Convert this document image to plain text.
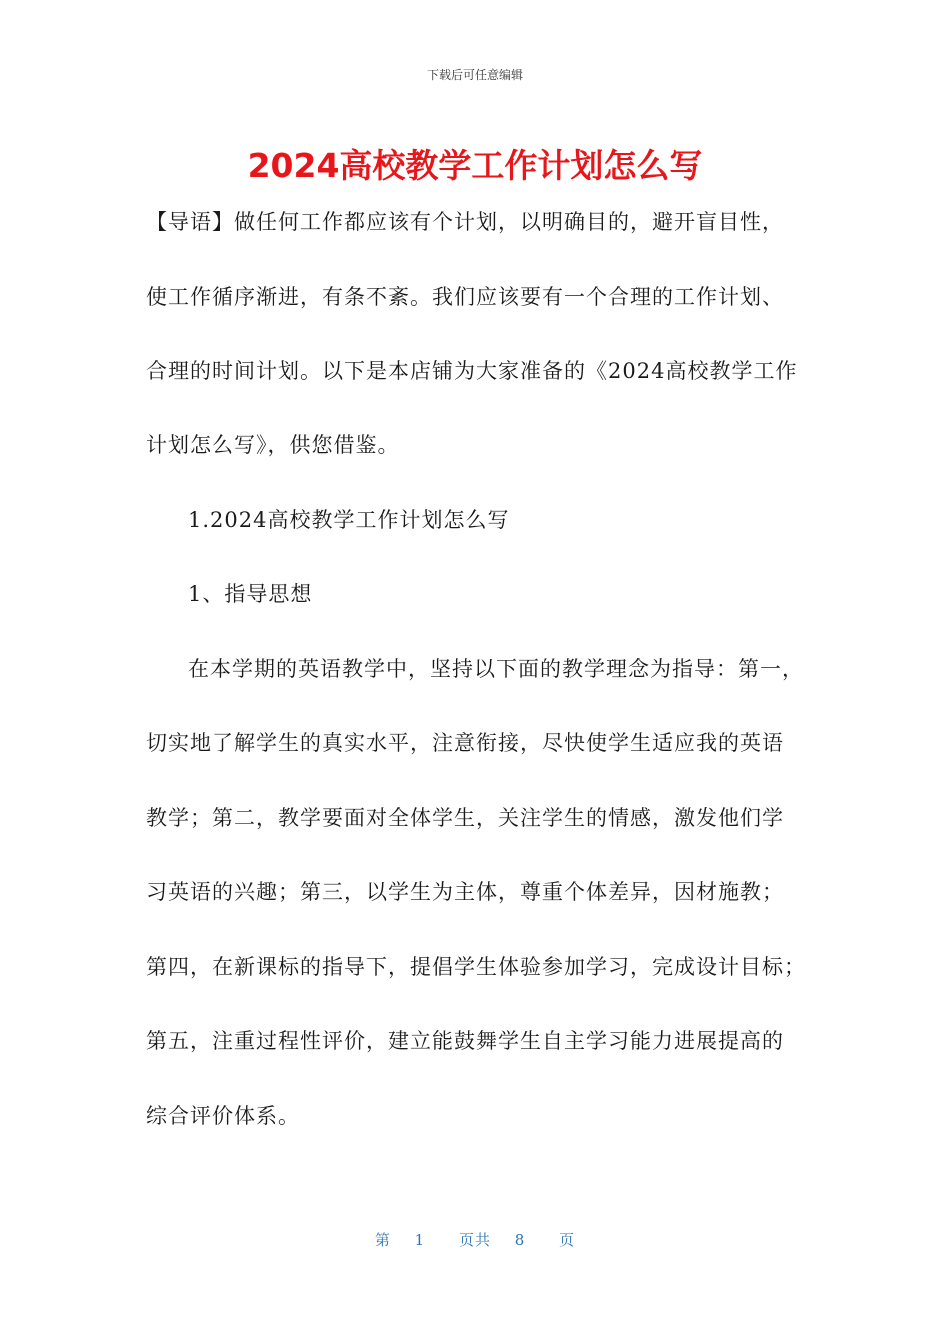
下载后可任意编辑
2024高校教学工作计划怎么写
【导语】做任何工作都应该有个计划，以明确目的，避开盲目性，
使工作循序渐进，有条不紊。我们应该要有一个合理的工作计划、
合理的时间计划。以下是本店铺为大家准备的《2024高校教学工作
计划怎么写》，供您借鉴。
1.2024高校教学工作计划怎么写
1、指导思想
在本学期的英语教学中，坚持以下面的教学理念为指导：第一，
切实地了解学生的真实水平，注意衔接，尽快使学生适应我的英语
教学；第二，教学要面对全体学生，关注学生的情感，激发他们学
习英语的兴趣；第三，以学生为主体，尊重个体差异，因材施教；
第四，在新课标的指导下，提倡学生体验参加学习，完成设计目标；
第五，注重过程性评价，建立能鼓舞学生自主学习能力进展提高的
综合评价体系。
第 1 页共 8 页
